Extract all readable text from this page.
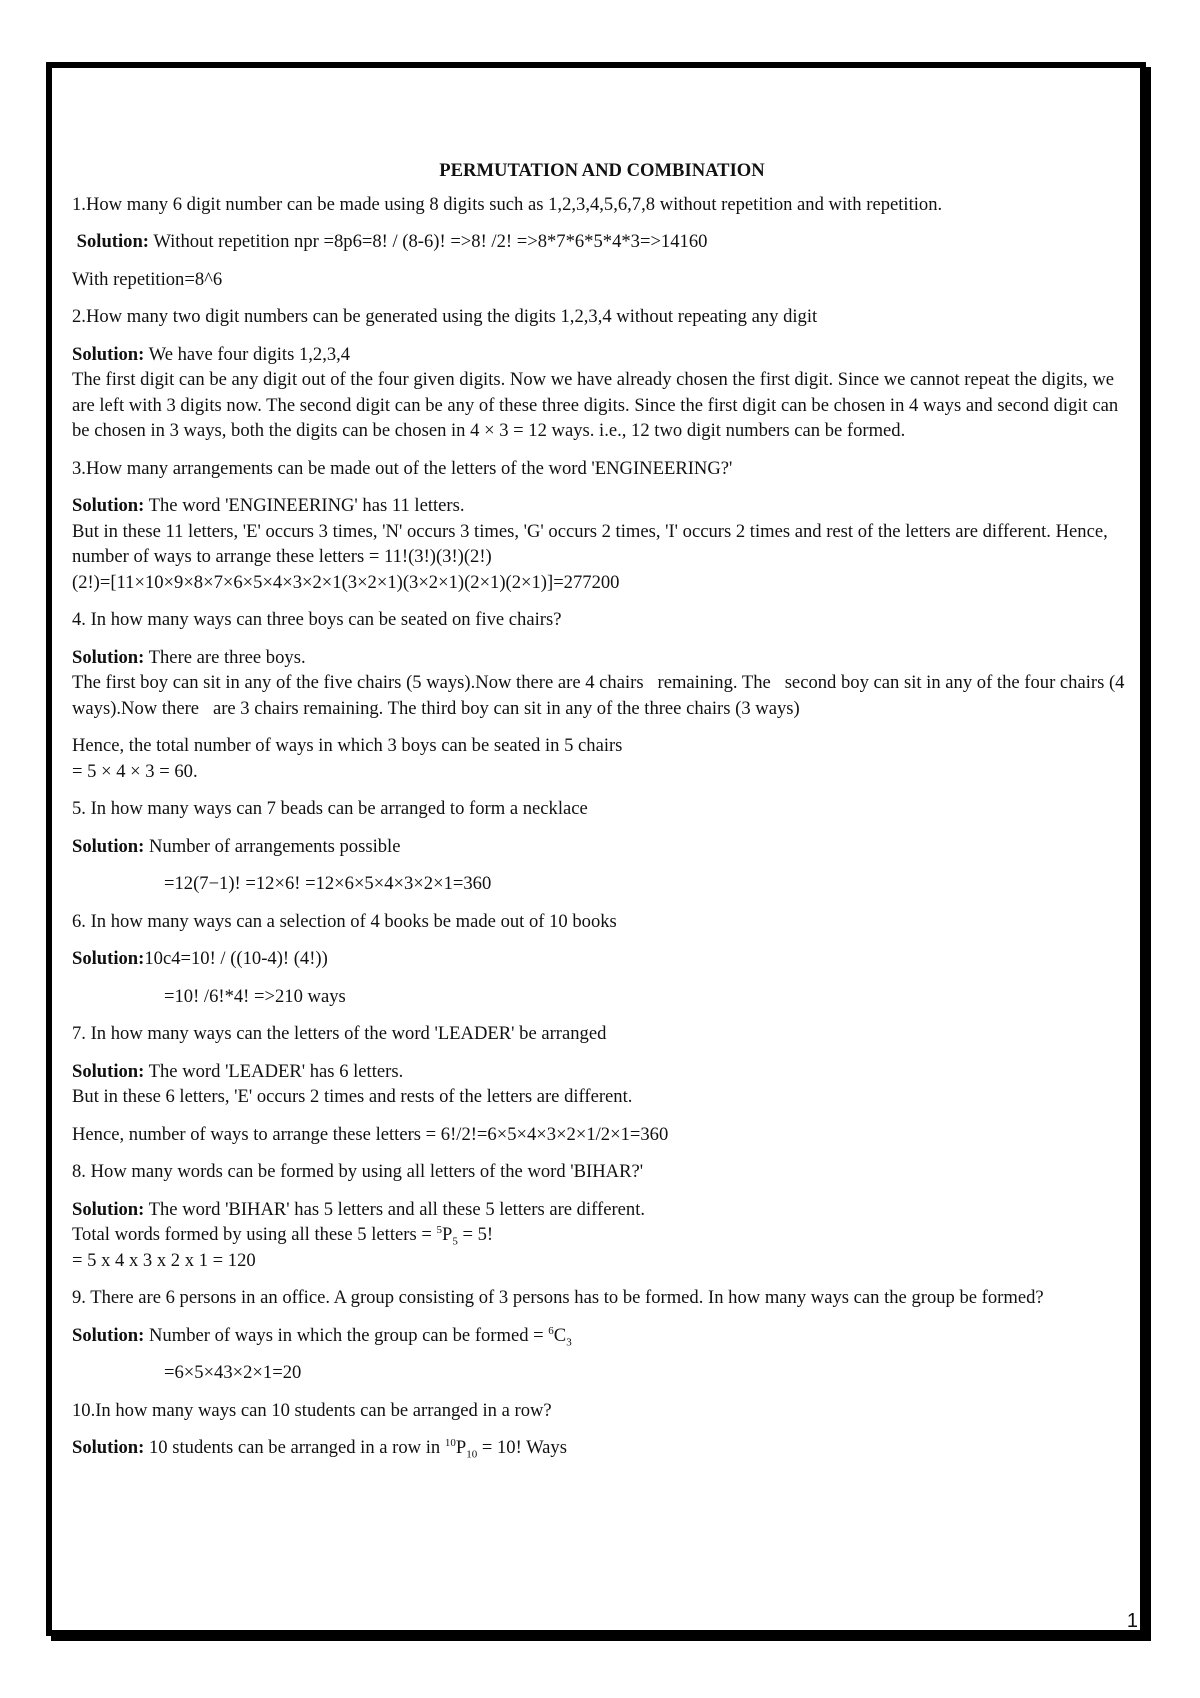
PERMUTATION AND COMBINATION

1.How many 6 digit number can be made using 8 digits such as 1,2,3,4,5,6,7,8 without repetition and with repetition.

Solution: Without repetition npr =8p6=8! / (8-6)! =>8! /2! =>8*7*6*5*4*3=>14160

With repetition=8^6

2.How many two digit numbers can be generated using the digits 1,2,3,4 without repeating any digit

Solution: We have four digits 1,2,3,4

The first digit can be any digit out of the four given digits. Now we have already chosen the first digit. Since we cannot repeat the digits, we are left with 3 digits now. The second digit can be any of these three digits. Since the first digit can be chosen in 4 ways and second digit can be chosen in 3 ways, both the digits can be chosen in 4 × 3 = 12 ways. i.e., 12 two digit numbers can be formed.

3.How many arrangements can be made out of the letters of the word 'ENGINEERING?'

Solution: The word 'ENGINEERING' has 11 letters.

But in these 11 letters, 'E' occurs 3 times, 'N' occurs 3 times, 'G' occurs 2 times, 'I' occurs 2 times and rest of the letters are different. Hence, number of ways to arrange these letters = 11!(3!)(3!)(2!)

(2!)=[11×10×9×8×7×6×5×4×3×2×1(3×2×1)(3×2×1)(2×1)(2×1)]=277200

4. In how many ways can three boys can be seated on five chairs?

Solution: There are three boys.

The first boy can sit in any of the five chairs (5 ways).Now there are 4 chairs   remaining. The   second boy can sit in any of the four chairs (4 ways).Now there   are 3 chairs remaining. The third boy can sit in any of the three chairs (3 ways)

Hence, the total number of ways in which 3 boys can be seated in 5 chairs

= 5 × 4 × 3 = 60.

5. In how many ways can 7 beads can be arranged to form a necklace

Solution: Number of arrangements possible

=12(7−1)! =12×6! =12×6×5×4×3×2×1=360

6. In how many ways can a selection of 4 books be made out of 10 books

Solution:10c4=10! / ((10-4)! (4!))

=10! /6!*4! =>210 ways

7. In how many ways can the letters of the word 'LEADER' be arranged

Solution: The word 'LEADER' has 6 letters.

But in these 6 letters, 'E' occurs 2 times and rests of the letters are different.

Hence, number of ways to arrange these letters = 6!/2!=6×5×4×3×2×1/2×1=360

8. How many words can be formed by using all letters of the word 'BIHAR?'

Solution: The word 'BIHAR' has 5 letters and all these 5 letters are different.

Total words formed by using all these 5 letters = $^5P_5 = 5$!

= 5 x 4 x 3 x 2 x 1 = 120

9. There are 6 persons in an office. A group consisting of 3 persons has to be formed. In how many ways can the group be formed?

Solution: Number of ways in which the group can be formed = $^6C_3$

=6×5×43×2×1=20

10.In how many ways can 10 students can be arranged in a row?

Solution: 10 students can be arranged in a row in $^{10}P_{10} = 10$! Ways

1
